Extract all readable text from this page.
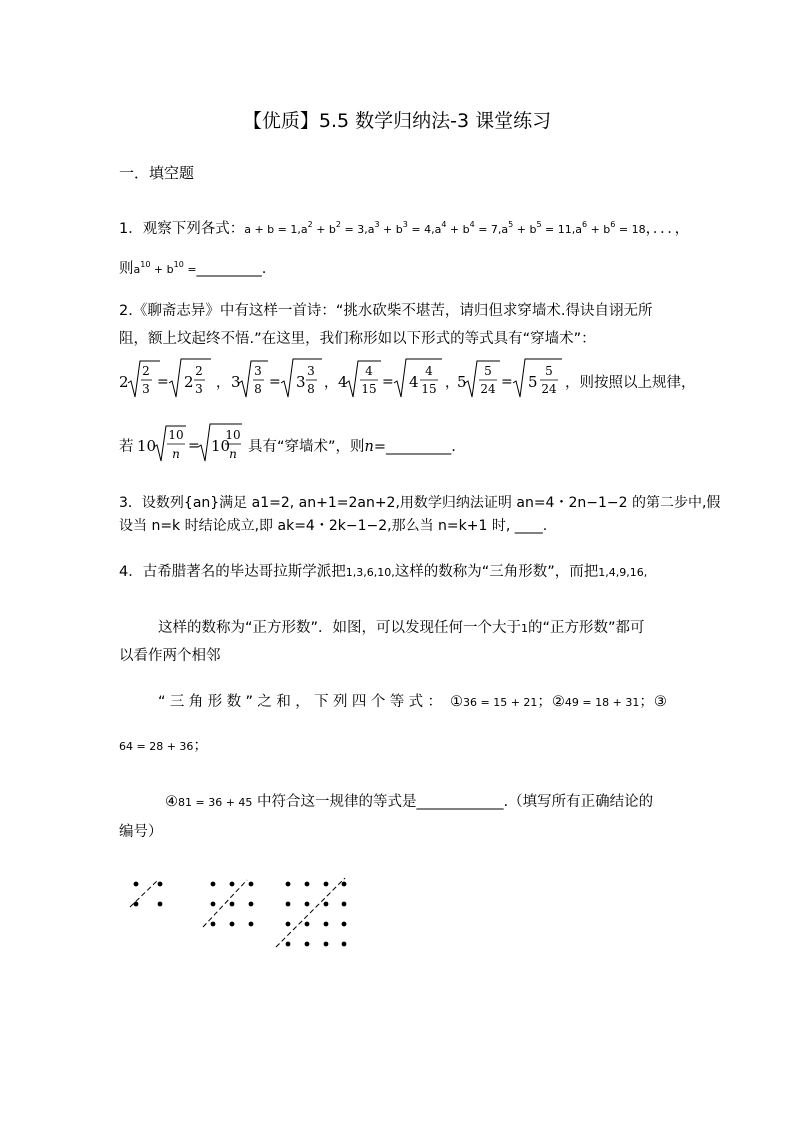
【优质】5.5 数学归纳法-3 课堂练习
一．填空题
1．观察下列各式：$a + b = 1,a^2 + b^2 = 3,a^3 + b^3 = 4,a^4 + b^4 = 7,a^5 + b^5 = 11,a^6 + b^6 = 18$，．．．，
则$a^{10} + b^{10}$ =_________.
2.《聊斋志异》中有这样一首诗：“挑水砍柴不堪苦，请归但求穿墙术.得诀自诩无所
阻，额上坟起终不悟.”在这里，我们称形如以下形式的等式具有“穿墙术”：
2
2
3 = 2
2
3 ， 3
3
8 = 3
3
8 ， 4
4
15 = 4
4
15 ，
5
5
24 = 5
5
24 ，则按照以上规律，
若 10
10
n = 10
10
n 具有“穿墙术”，则n=_________.
3．设数列{an}满足 a1=2, an+1=2an+2,用数学归纳法证明 an=4・2n−1−2 的第二步中,假
设当 n=k 时结论成立,即 ak=4・2k−1−2,那么当 n=k+1 时, ____.
4．古希腊著名的毕达哥拉斯学派把1,3,6,10,这样的数称为“三角形数”，而把1,4,9,16,
这样的数称为“正方形数”．如图，可以发现任何一个大于1的“正方形数”都可
以看作两个相邻
“三角形数”之和，下列四个等式： ①36 = 15 + 21；②49 = 18 + 31；③
64 = 28 + 36；
④81 = 36 + 45 中符合这一规律的等式是____________.（填写所有正确结论的
编号）
